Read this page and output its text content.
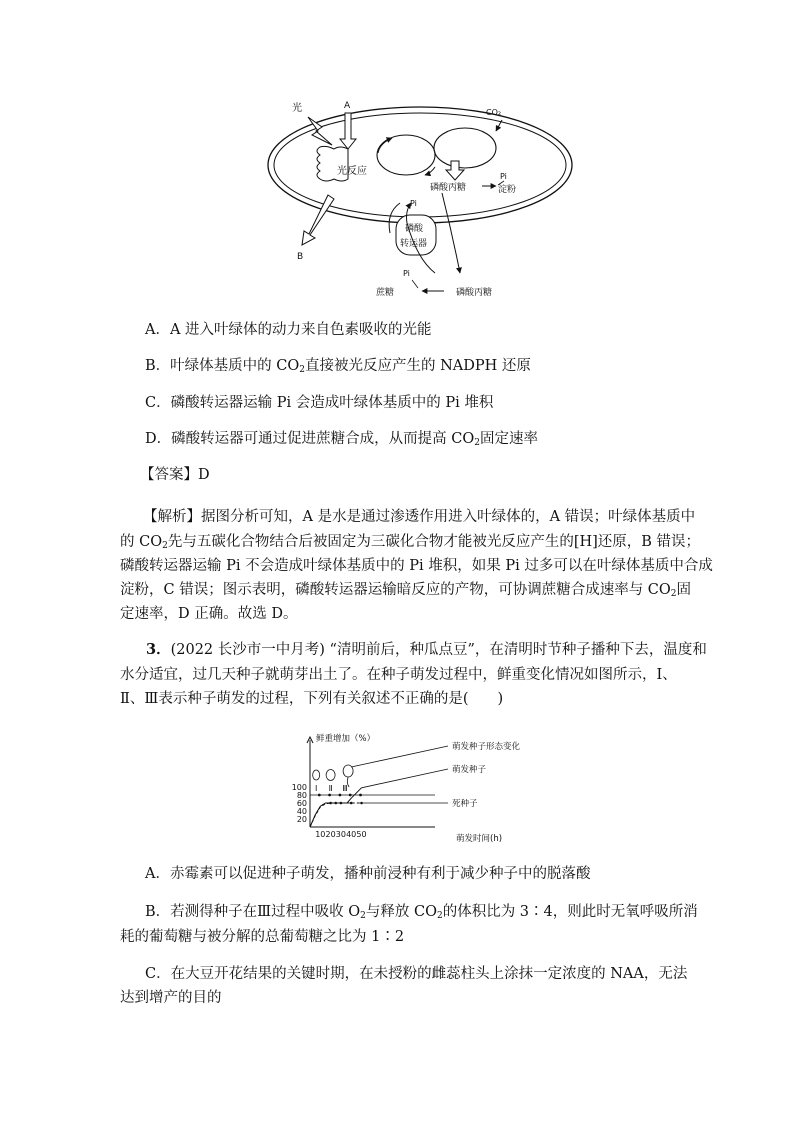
光	A
光反应
CO₂
磷酸丙糖
Pi
淀粉
B
Pi
磷酸
转运器
Pi
蔗糖	磷酸丙糖
A．A 进入叶绿体的动力来自色素吸收的光能
B．叶绿体基质中的 $CO_2$直接被光反应产生的 NADPH 还原
C．磷酸转运器运输 Pi 会造成叶绿体基质中的 Pi 堆积
D．磷酸转运器可通过促进蔗糖合成，从而提高 $CO_2$固定速率
【答案】D
【解析】据图分析可知，A 是水是通过渗透作用进入叶绿体的，A 错误；叶绿体基质中
的 $CO_2$先与五碳化合物结合后被固定为三碳化合物才能被光反应产生的[H]还原，B 错误；
磷酸转运器运输 Pi 不会造成叶绿体基质中的 Pi 堆积，如果 Pi 过多可以在叶绿体基质中合成
淀粉，C 错误；图示表明，磷酸转运器运输暗反应的产物，可协调蔗糖合成速率与 $CO_2$固
定速率，D 正确。故选 D。
3．(2022 长沙市一中月考) “清明前后，种瓜点豆”，在清明时节种子播种下去，温度和
水分适宜，过几天种子就萌芽出土了。在种子萌发过程中，鲜重变化情况如图所示，Ⅰ、
Ⅱ、Ⅲ表示种子萌发的过程，下列有关叙述不正确的是(　　)
鲜重增加（%）
萌发时间(h)
10 20 30 40 50
20
40
60
80
100 Ⅰ Ⅱ Ⅲ
萌发种子形态变化
萌发种子
死种子
A．赤霉素可以促进种子萌发，播种前浸种有利于减少种子中的脱落酸
B．若测得种子在Ⅲ过程中吸收 $O_2$与释放 $CO_2$的体积比为 3∶4，则此时无氧呼吸所消
耗的葡萄糖与被分解的总葡萄糖之比为 1∶2
C．在大豆开花结果的关键时期，在未授粉的雌蕊柱头上涂抹一定浓度的 NAA，无法
达到增产的目的
